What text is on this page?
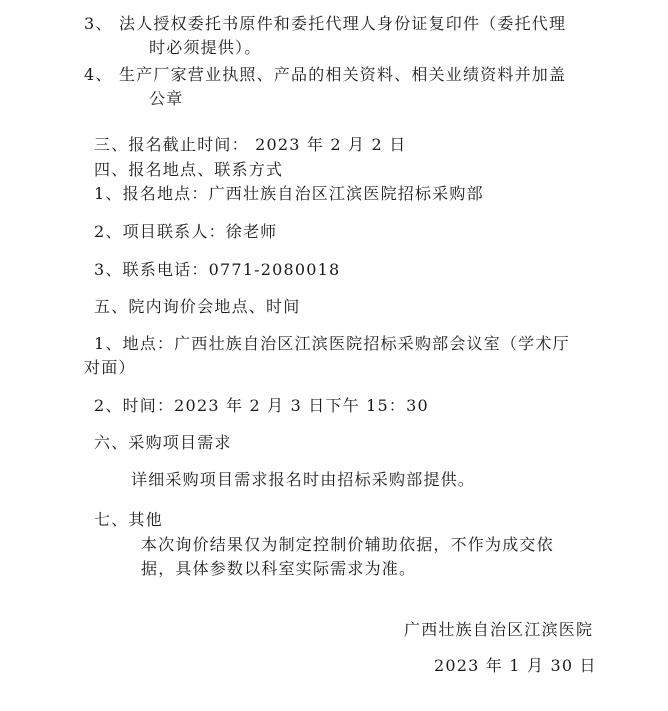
3、 法人授权委托书原件和委托代理人身份证复印件（委托代理
时必须提供）。
4、 生产厂家营业执照、产品的相关资料、相关业绩资料并加盖
公章
三、报名截止时间： 2023 年 2 月 2 日
四、报名地点、联系方式
1、报名地点：广西壮族自治区江滨医院招标采购部
2、项目联系人：徐老师
3、联系电话：0771-2080018
五、院内询价会地点、时间
1、地点：广西壮族自治区江滨医院招标采购部会议室（学术厅
对面）
2、时间：2023 年 2 月 3 日下午 15：30
六、采购项目需求
详细采购项目需求报名时由招标采购部提供。
七、其他
本次询价结果仅为制定控制价辅助依据，不作为成交依
据，具体参数以科室实际需求为准。
广西壮族自治区江滨医院
2023 年 1 月 30 日
